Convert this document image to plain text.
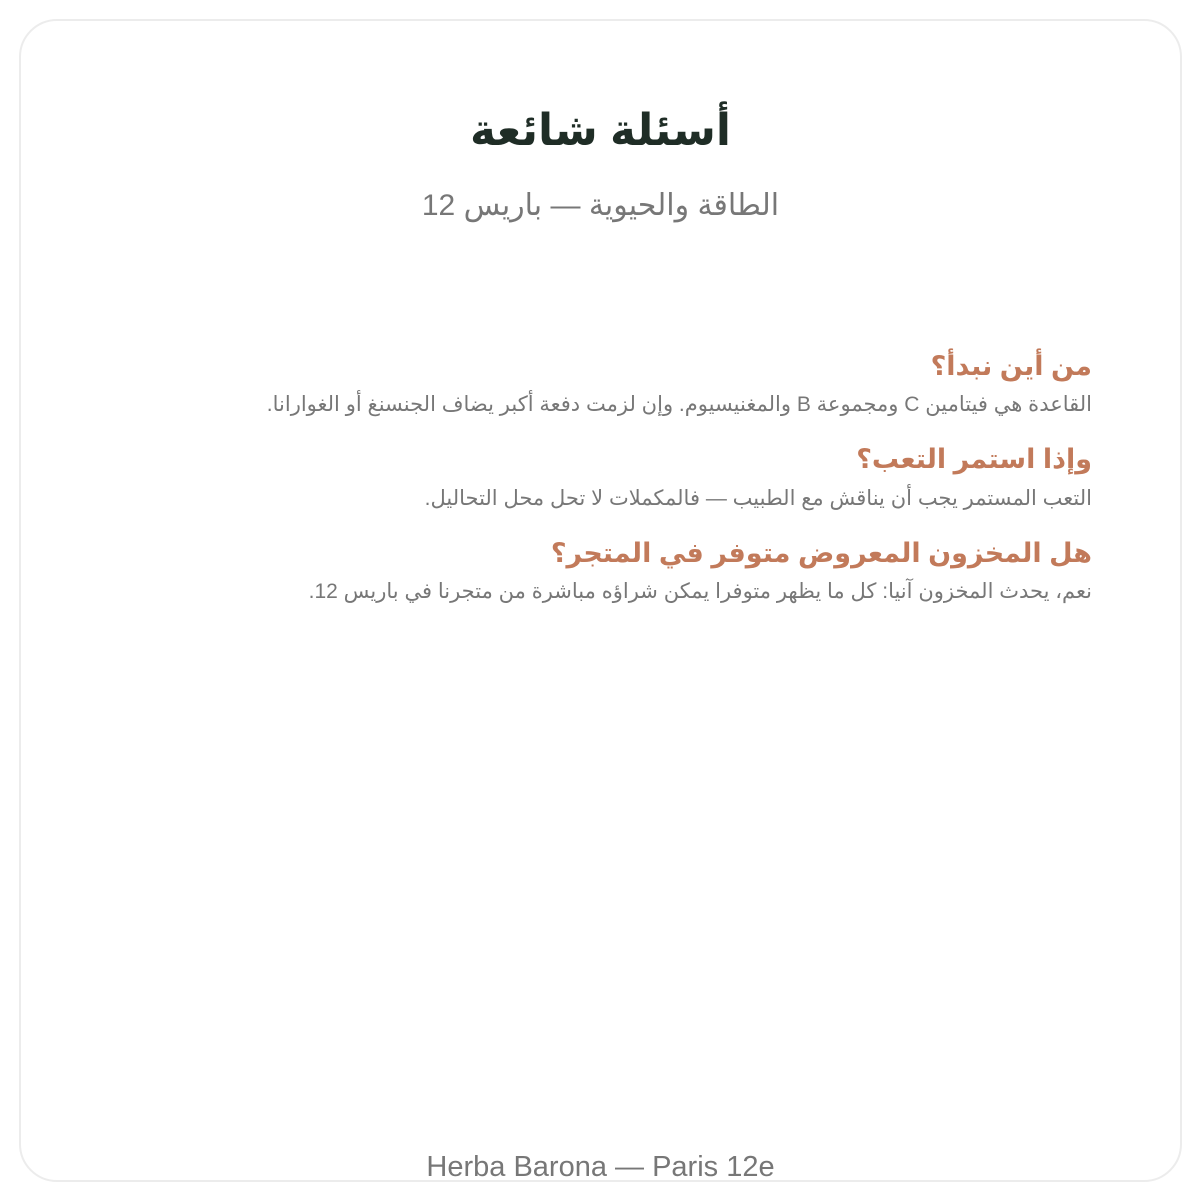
أسئلة شائعة
الطاقة والحيوية — باريس 12
من أين نبدأ؟
القاعدة هي فيتامين C ومجموعة B والمغنيسيوم. وإن لزمت دفعة أكبر يضاف الجنسنغ أو الغوارانا.
وإذا استمر التعب؟
التعب المستمر يجب أن يناقش مع الطبيب — فالمكملات لا تحل محل التحاليل.
هل المخزون المعروض متوفر في المتجر؟
نعم، يحدث المخزون آنيا: كل ما يظهر متوفرا يمكن شراؤه مباشرة من متجرنا في باريس 12.
Herba Barona — Paris 12e
